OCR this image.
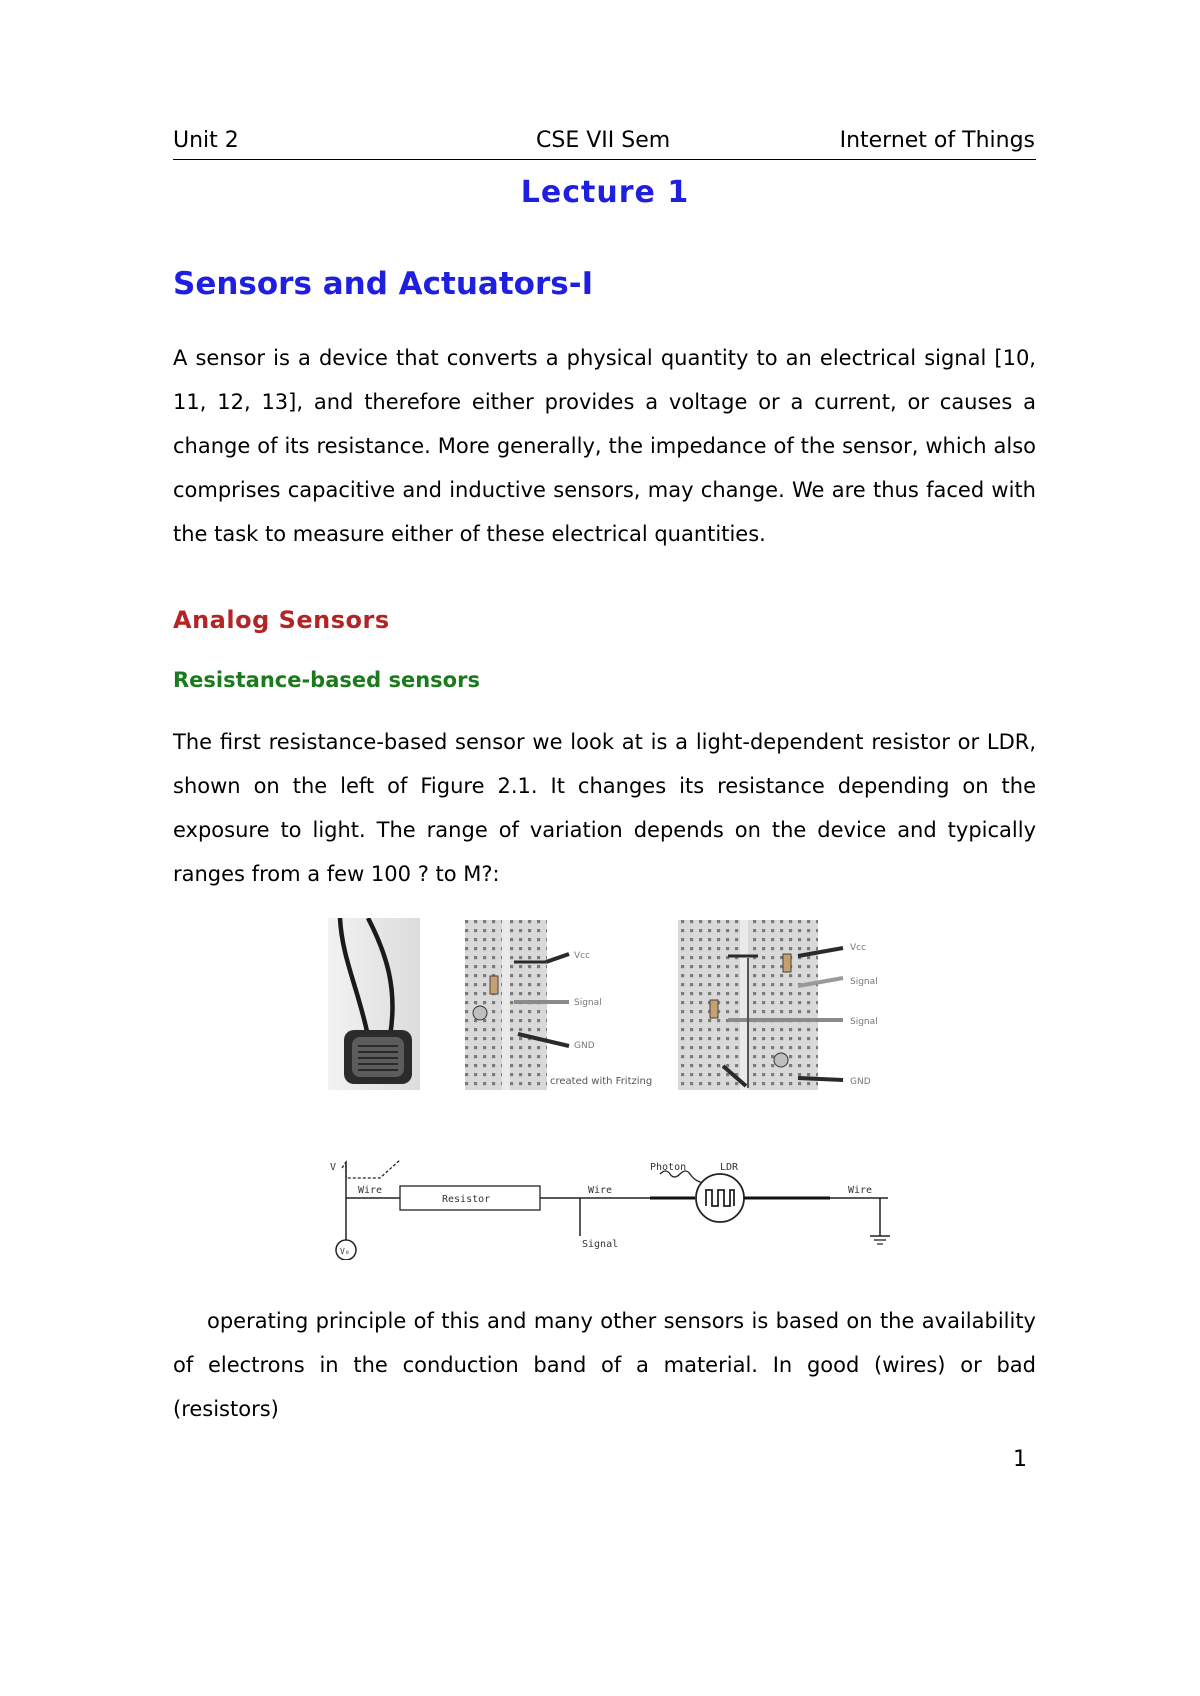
Unit 2	CSE VII Sem	Internet of Things
Lecture 1
Sensors and Actuators-I

A sensor is a device that converts a physical quantity to an electrical signal [10, 11, 12, 13], and therefore either provides a voltage or a current, or causes a change of its resistance. More generally, the impedance of the sensor, which also comprises capacitive and inductive sensors, may change. We are thus faced with the task to measure either of these electrical quantities.

Analog Sensors
Resistance-based sensors

The first resistance-based sensor we look at is a light-dependent resistor or LDR, shown on the left of Figure 2.1. It changes its resistance depending on the exposure to light. The range of variation depends on the device and typically ranges from a few 100 ? to M?:

Vcc
Signal
GND
created with Fritzing
Vcc
Signal
Signal
GND
V
V₀
Wire
Resistor
Wire
Signal
Photon	LDR
Wire

operating principle of this and many other sensors is based on the availability of electrons in the conduction band of a material. In good (wires) or bad (resistors)

1
